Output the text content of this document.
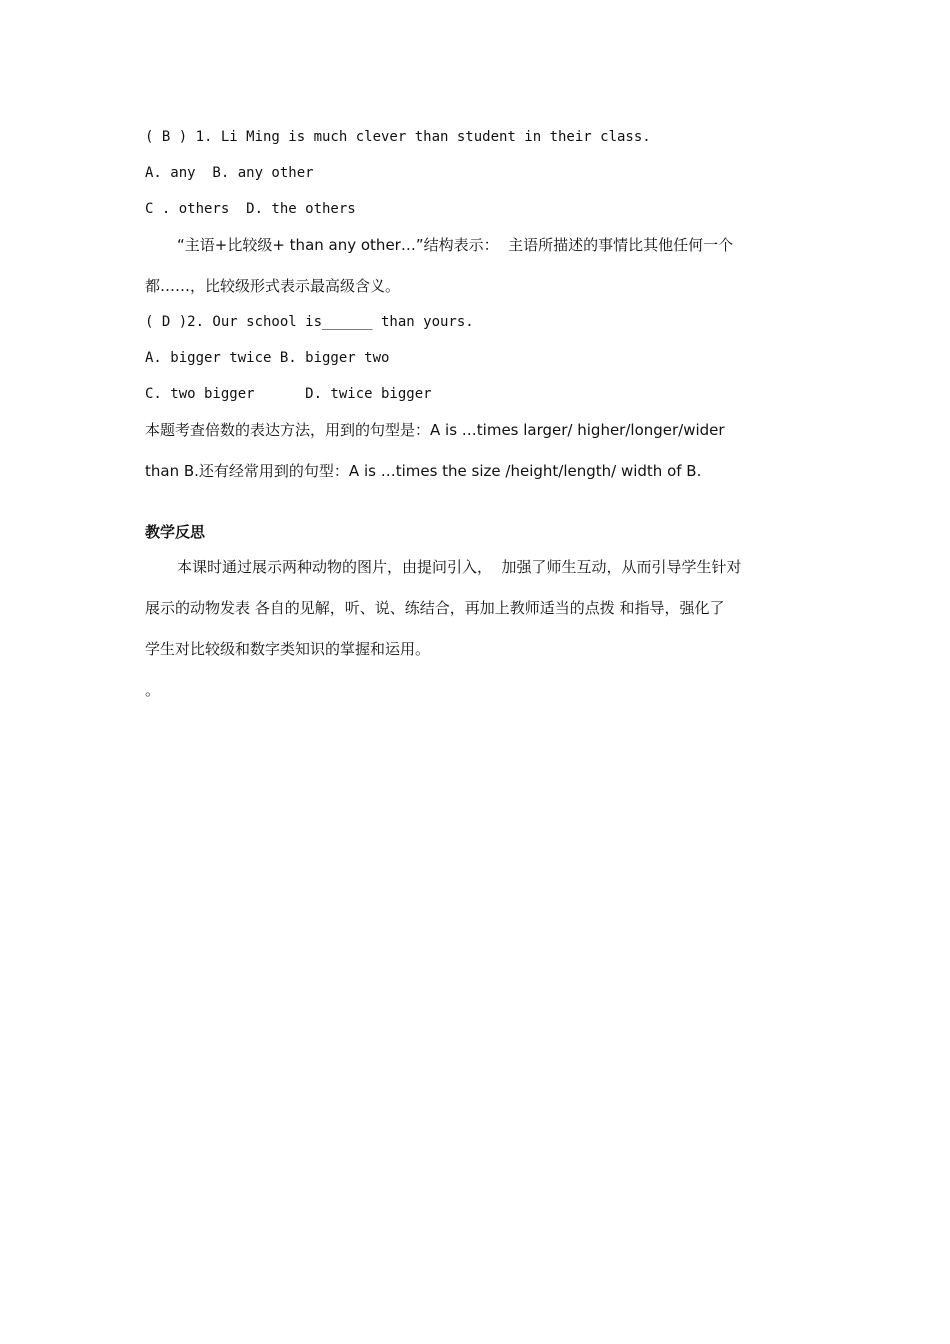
( B ) 1. Li Ming is much clever than student in their class.
A. any  B. any other
C . others  D. the others
“主语+比较级+ than any other…”结构表示：  主语所描述的事情比其他任何一个
都……，比较级形式表示最高级含义。
( D )2. Our school is______ than yours.
A. bigger twice B. bigger two
C. two bigger      D. twice bigger
本题考查倍数的表达方法，用到的句型是：A is …times larger/ higher/longer/wider
than B.还有经常用到的句型：A is …times the size /height/length/ width of B.
教学反思
本课时通过展示两种动物的图片，由提问引入，  加强了师生互动，从而引导学生针对
展示的动物发表 各自的见解，听、说、练结合，再加上教师适当的点拨 和指导，强化了
学生对比较级和数字类知识的掌握和运用。
。
